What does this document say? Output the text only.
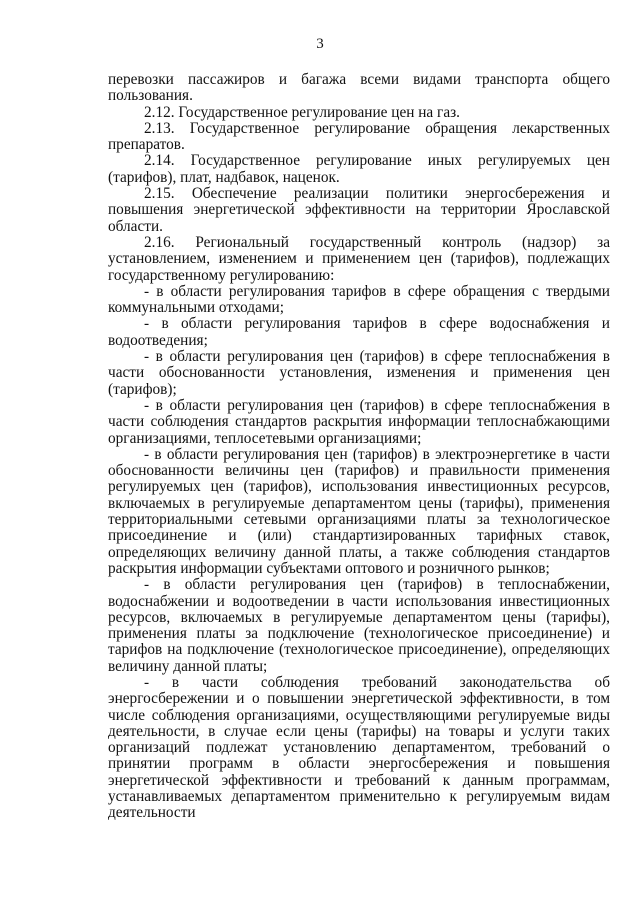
3

перевозки пассажиров и багажа всеми видами транспорта общего пользования.

2.12. Государственное регулирование цен на газ.

2.13. Государственное регулирование обращения лекарственных препаратов.

2.14. Государственное регулирование иных регулируемых цен (тарифов), плат, надбавок, наценок.

2.15. Обеспечение реализации политики энергосбережения и повышения энергетической эффективности на территории Ярославской области.

2.16. Региональный государственный контроль (надзор) за установлением, изменением и применением цен (тарифов), подлежащих государственному регулированию:

- в области регулирования тарифов в сфере обращения с твердыми коммунальными отходами;

- в области регулирования тарифов в сфере водоснабжения и водоотведения;

- в области регулирования цен (тарифов) в сфере теплоснабжения в части обоснованности установления, изменения и применения цен (тарифов);

- в области регулирования цен (тарифов) в сфере теплоснабжения в части соблюдения стандартов раскрытия информации теплоснабжающими организациями, теплосетевыми организациями;

- в области регулирования цен (тарифов) в электроэнергетике в части обоснованности величины цен (тарифов) и правильности применения регулируемых цен (тарифов), использования инвестиционных ресурсов, включаемых в регулируемые департаментом цены (тарифы), применения территориальными сетевыми организациями платы за технологическое присоединение и (или) стандартизированных тарифных ставок, определяющих величину данной платы, а также соблюдения стандартов раскрытия информации субъектами оптового и розничного рынков;

- в области регулирования цен (тарифов) в теплоснабжении, водоснабжении и водоотведении в части использования инвестиционных ресурсов, включаемых в регулируемые департаментом цены (тарифы), применения платы за подключение (технологическое присоединение) и тарифов на подключение (технологическое присоединение), определяющих величину данной платы;

- в части соблюдения требований законодательства об энергосбережении и о повышении энергетической эффективности, в том числе соблюдения организациями, осуществляющими регулируемые виды деятельности, в случае если цены (тарифы) на товары и услуги таких организаций подлежат установлению департаментом, требований о принятии программ в области энергосбережения и повышения энергетической эффективности и требований к данным программам, устанавливаемых департаментом применительно к регулируемым видам деятельности
